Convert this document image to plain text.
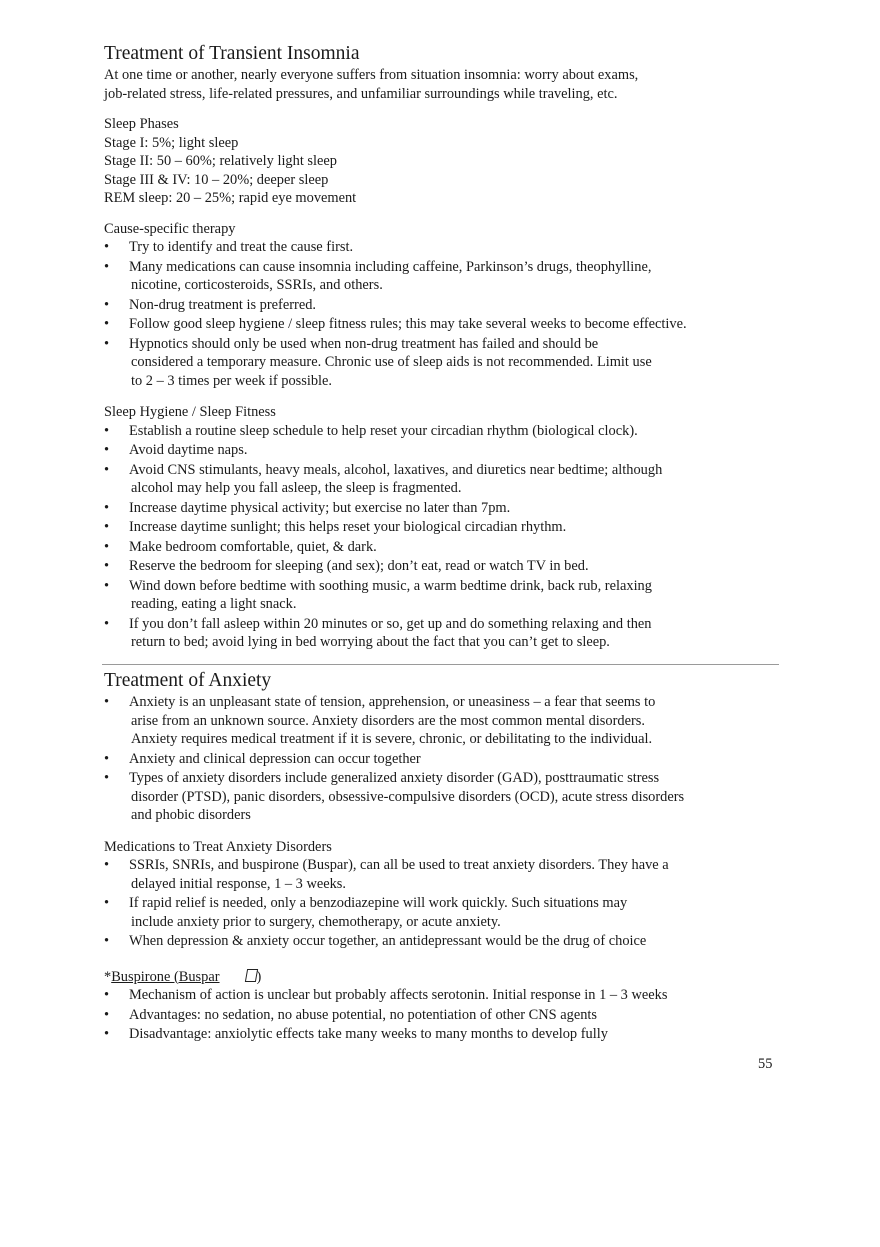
Treatment of Transient Insomnia

At one time or another, nearly everyone suffers from situation insomnia: worry about exams,

job-related stress, life-related pressures, and unfamiliar surroundings while traveling, etc.

Sleep Phases

Stage I: 5%; light sleep

Stage II: 50 – 60%; relatively light sleep

Stage III & IV: 10 – 20%; deeper sleep

REM sleep: 20 – 25%; rapid eye movement

Cause-specific therapy

• Try to identify and treat the cause first.
• Many medications can cause insomnia including caffeine, Parkinson’s drugs, theophylline,
nicotine, corticosteroids, SSRIs, and others.
• Non-drug treatment is preferred.
• Follow good sleep hygiene / sleep fitness rules; this may take several weeks to become effective.
• Hypnotics should only be used when non-drug treatment has failed and should be
considered a temporary measure. Chronic use of sleep aids is not recommended. Limit use
to 2 – 3 times per week if possible.

Sleep Hygiene / Sleep Fitness

• Establish a routine sleep schedule to help reset your circadian rhythm (biological clock).
• Avoid daytime naps.
• Avoid CNS stimulants, heavy meals, alcohol, laxatives, and diuretics near bedtime; although
alcohol may help you fall asleep, the sleep is fragmented.
• Increase daytime physical activity; but exercise no later than 7pm.
• Increase daytime sunlight; this helps reset your biological circadian rhythm.
• Make bedroom comfortable, quiet, & dark.
• Reserve the bedroom for sleeping (and sex); don’t eat, read or watch TV in bed.
• Wind down before bedtime with soothing music, a warm bedtime drink, back rub, relaxing
reading, eating a light snack.
• If you don’t fall asleep within 20 minutes or so, get up and do something relaxing and then
return to bed; avoid lying in bed worrying about the fact that you can’t get to sleep.
Treatment of Anxiety
• Anxiety is an unpleasant state of tension, apprehension, or uneasiness – a fear that seems to
arise from an unknown source. Anxiety disorders are the most common mental disorders.
Anxiety requires medical treatment if it is severe, chronic, or debilitating to the individual.
• Anxiety and clinical depression can occur together
• Types of anxiety disorders include generalized anxiety disorder (GAD), posttraumatic stress
disorder (PTSD), panic disorders, obsessive-compulsive disorders (OCD), acute stress disorders
and phobic disorders

Medications to Treat Anxiety Disorders

• SSRIs, SNRIs, and buspirone (Buspar), can all be used to treat anxiety disorders. They have a
delayed initial response, 1 – 3 weeks.
• If rapid relief is needed, only a benzodiazepine will work quickly. Such situations may
include anxiety prior to surgery, chemotherapy, or acute anxiety.
• When depression & anxiety occur together, an antidepressant would be the drug of choice

*Buspirone (Buspar	)

• Mechanism of action is unclear but probably affects serotonin. Initial response in 1 – 3 weeks
• Advantages: no sedation, no abuse potential, no potentiation of other CNS agents
• Disadvantage: anxiolytic effects take many weeks to many months to develop fully
55
